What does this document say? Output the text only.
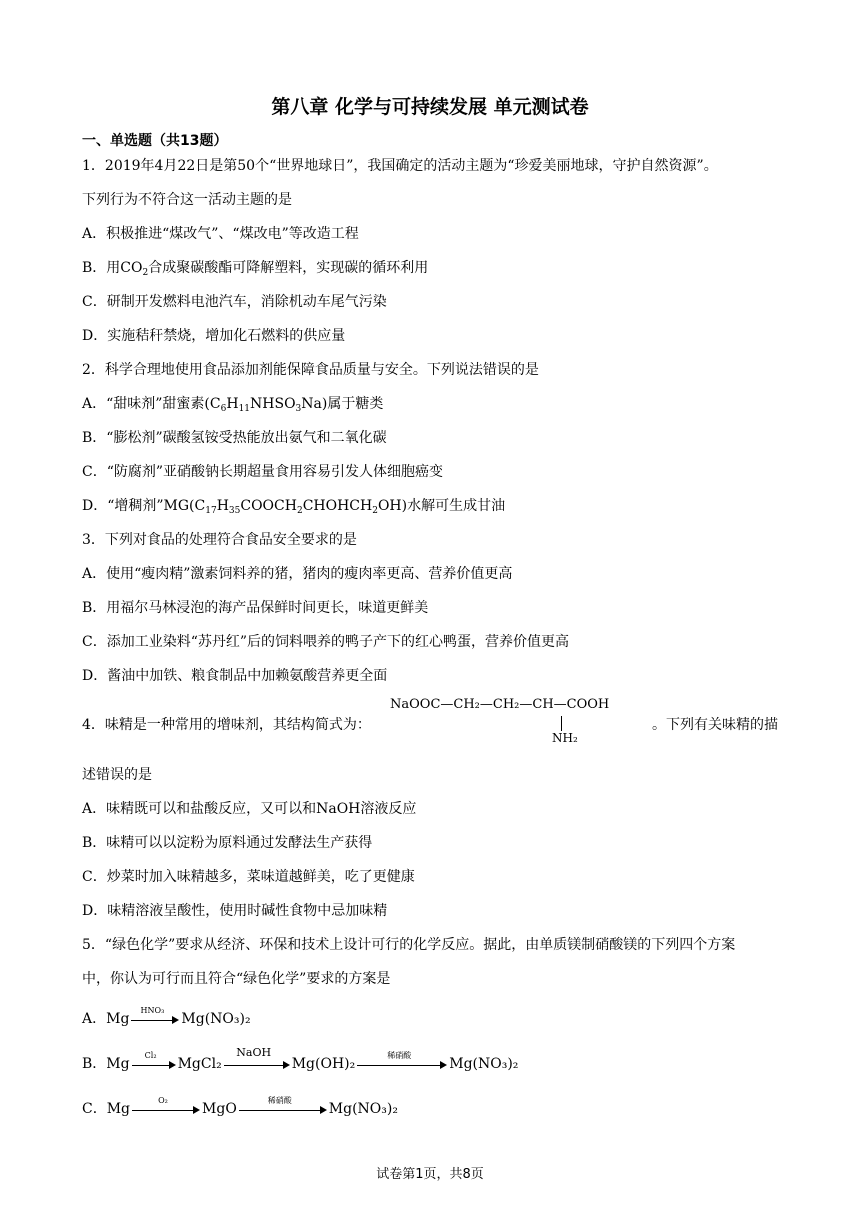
第八章 化学与可持续发展 单元测试卷
一、单选题（共13题）
1．2019年4月22日是第50个“世界地球日”，我国确定的活动主题为“珍爱美丽地球，守护自然资源”。
下列行为不符合这一活动主题的是
A．积极推进“煤改气”、“煤改电”等改造工程
B．用$CO_2$合成聚碳酸酯可降解塑料，实现碳的循环利用
C．研制开发燃料电池汽车，消除机动车尾气污染
D．实施秸秆禁烧，增加化石燃料的供应量
2．科学合理地使用食品添加剂能保障食品质量与安全。下列说法错误的是
A．“甜味剂”甜蜜素$(C_6H_{11}NHSO_3Na)$属于糖类
B．“膨松剂”碳酸氢铵受热能放出氨气和二氧化碳
C．“防腐剂”亚硝酸钠长期超量食用容易引发人体细胞癌变
D．“增稠剂$”MG(C_{17}H_{35}COOCH_2CHOHCH_2OH)$水解可生成甘油
3．下列对食品的处理符合食品安全要求的是
A．使用“瘦肉精”激素饲料养的猪，猪肉的瘦肉率更高、营养价值更高
B．用福尔马林浸泡的海产品保鲜时间更长，味道更鲜美
C．添加工业染料“苏丹红”后的饲料喂养的鸭子产下的红心鸭蛋，营养价值更高
D．酱油中加铁、粮食制品中加赖氨酸营养更全面
4．味精是一种常用的增味剂，其结构简式为：
NaOOC—CH₂—CH₂—CH—COOH
NH₂
。下列有关味精的描
述错误的是
A．味精既可以和盐酸反应，又可以和NaOH溶液反应
B．味精可以以淀粉为原料通过发酵法生产获得
C．炒菜时加入味精越多，菜味道越鲜美，吃了更健康
D．味精溶液呈酸性，使用时碱性食物中忌加味精
5．“绿色化学”要求从经济、环保和技术上设计可行的化学反应。据此，由单质镁制硝酸镁的下列四个方案
中，你认为可行而且符合“绿色化学”要求的方案是
A．Mg
HNO₃
Mg(NO₃)₂
B．Mg
Cl₂
MgCl₂
NaOH
Mg(OH)₂
稀硝酸
Mg(NO₃)₂
C．Mg
O₂
MgO
稀硝酸
Mg(NO₃)₂
试卷第1页，共8页
